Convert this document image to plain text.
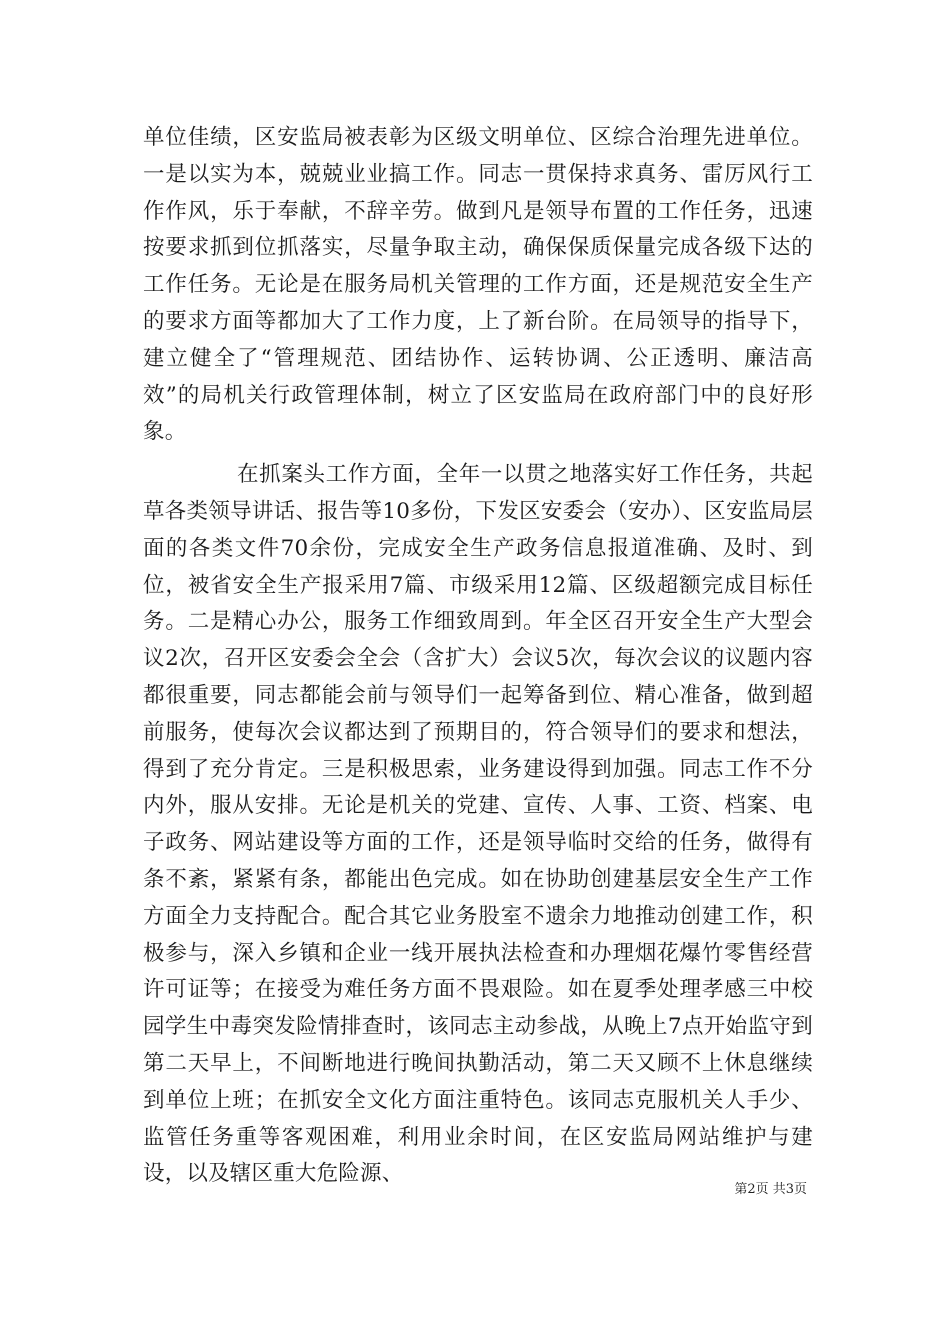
单位佳绩，区安监局被表彰为区级文明单位、区综合治理先进单位。一是以实为本，兢兢业业搞工作。同志一贯保持求真务、雷厉风行工作作风，乐于奉献，不辞辛劳。做到凡是领导布置的工作任务，迅速按要求抓到位抓落实，尽量争取主动，确保保质保量完成各级下达的工作任务。无论是在服务局机关管理的工作方面，还是规范安全生产的要求方面等都加大了工作力度，上了新台阶。在局领导的指导下，建立健全了“管理规范、团结协作、运转协调、公正透明、廉洁高效”的局机关行政管理体制，树立了区安监局在政府部门中的良好形象。

在抓案头工作方面，全年一以贯之地落实好工作任务，共起草各类领导讲话、报告等10多份，下发区安委会（安办）、区安监局层面的各类文件70余份，完成安全生产政务信息报道准确、及时、到位，被省安全生产报采用7篇、市级采用12篇、区级超额完成目标任务。二是精心办公，服务工作细致周到。年全区召开安全生产大型会议2次，召开区安委会全会（含扩大）会议5次，每次会议的议题内容都很重要，同志都能会前与领导们一起筹备到位、精心准备，做到超前服务，使每次会议都达到了预期目的，符合领导们的要求和想法，得到了充分肯定。三是积极思索，业务建设得到加强。同志工作不分内外，服从安排。无论是机关的党建、宣传、人事、工资、档案、电子政务、网站建设等方面的工作，还是领导临时交给的任务，做得有条不紊，紧紧有条，都能出色完成。如在协助创建基层安全生产工作方面全力支持配合。配合其它业务股室不遗余力地推动创建工作，积极参与，深入乡镇和企业一线开展执法检查和办理烟花爆竹零售经营许可证等；在接受为难任务方面不畏艰险。如在夏季处理孝感三中校园学生中毒突发险情排查时，该同志主动参战，从晚上7点开始监守到第二天早上，不间断地进行晚间执勤活动，第二天又顾不上休息继续到单位上班；在抓安全文化方面注重特色。该同志克服机关人手少、监管任务重等客观困难，利用业余时间，在区安监局网站维护与建设，以及辖区重大危险源、

第2页 共3页
